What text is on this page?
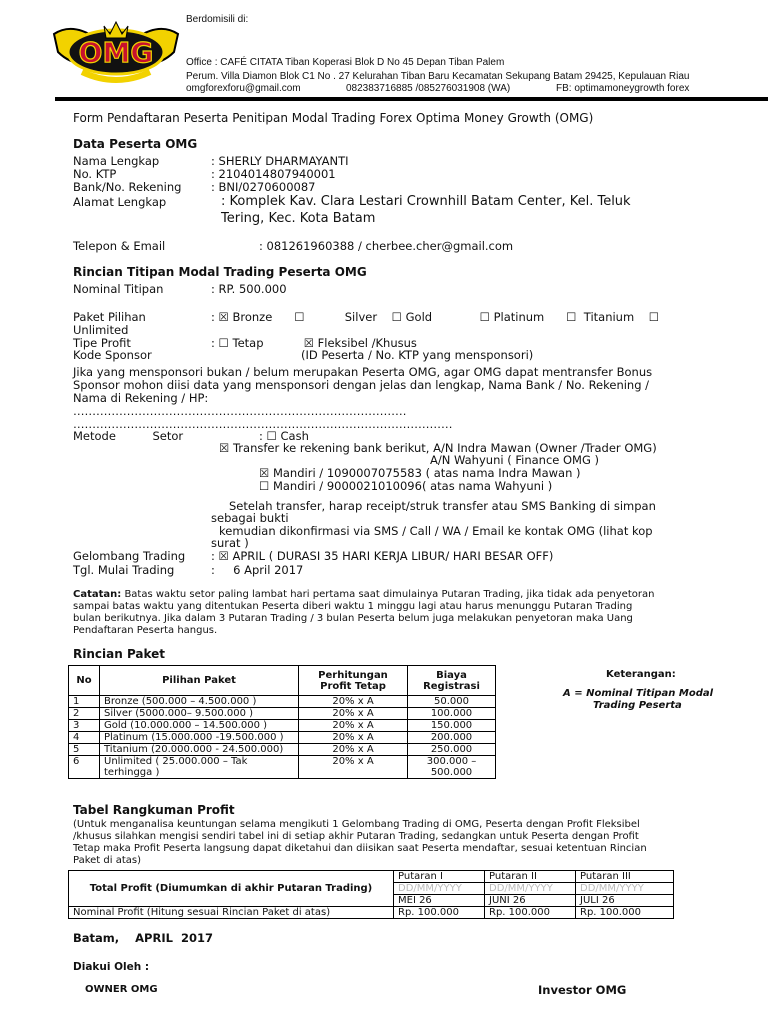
OMG
Berdomisili di:
Office : CAFÉ CITATA Tiban Koperasi Blok D No 45 Depan Tiban Palem
Perum. Villa Diamon Blok C1 No . 27 Kelurahan Tiban Baru Kecamatan Sekupang Batam 29425, Kepulauan Riau
omgforexforu@gmail.com	082383716885 /085276031908 (WA)	FB: optimamoneygrowth forex
Form Pendaftaran Peserta Penitipan Modal Trading Forex Optima Money Growth (OMG)
Data Peserta OMG
Nama Lengkap	: SHERLY DHARMAYANTI
No. KTP	: 2104014807940001
Bank/No. Rekening	: BNI/0270600087
Alamat Lengkap	: Komplek Kav. Clara Lestari Crownhill Batam Center, Kel. Teluk
Tering, Kec. Kota Batam
Telepon & Email	: 081261960388 / cherbee.cher@gmail.com
Rincian Titipan Modal Trading Peserta OMG
Nominal Titipan	: RP. 500.000
Paket Pilihan	: ☒ Bronze      ☐           Silver    ☐ Gold             ☐ Platinum      ☐  Titanium    ☐
Unlimited
Tipe Profit	: ☐ Tetap           ☒ Fleksibel /Khusus
Kode Sponsor	(ID Peserta / No. KTP yang mensponsori)
Jika yang mensponsori bukan / belum merupakan Peserta OMG, agar OMG dapat mentransfer Bonus
Sponsor mohon diisi data yang mensponsori dengan jelas dan lengkap, Nama Bank / No. Rekening /
Nama di Rekening / HP:
……………………………………………………………………………
………………………………………………………………………………………
Metode          Setor	: ☐ Cash
☒ Transfer ke rekening bank berikut, A/N Indra Mawan (Owner /Trader OMG)
A/N Wahyuni ( Finance OMG )
☒ Mandiri / 1090007075583 ( atas nama Indra Mawan )
☐ Mandiri / 9000021010096( atas nama Wahyuni )
Setelah transfer, harap receipt/struk transfer atau SMS Banking di simpan
sebagai bukti
kemudian dikonfirmasi via SMS / Call / WA / Email ke kontak OMG (lihat kop
surat )
Gelombang Trading : ☒ APRIL ( DURASI 35 HARI KERJA LIBUR/ HARI BESAR OFF)
Tgl. Mulai Trading	:     6 April 2017
Catatan: Batas waktu setor paling lambat hari pertama saat dimulainya Putaran Trading, jika tidak ada penyetoran
sampai batas waktu yang ditentukan Peserta diberi waktu 1 minggu lagi atau harus menunggu Putaran Trading
bulan berikutnya. Jika dalam 3 Putaran Trading / 3 bulan Peserta belum juga melakukan penyetoran maka Uang
Pendaftaran Peserta hangus.
Rincian Paket
No	Pilihan Paket	Perhitungan Profit Tetap	Biaya Registrasi
1	Bronze (500.000 – 4.500.000 )	20% x A	50.000
2	Silver (5000.000– 9.500.000 )	20% x A	100.000
3	Gold (10.000.000 – 14.500.000 )	20% x A	150.000
4	Platinum (15.000.000 -19.500.000 )	20% x A	200.000
5	Titanium (20.000.000 - 24.500.000)	20% x A	250.000
6	Unlimited ( 25.000.000 – Tak terhingga )	20% x A	300.000 – 500.000
Keterangan:
A = Nominal Titipan Modal
Trading Peserta
Tabel Rangkuman Profit
(Untuk menganalisa keuntungan selama mengikuti 1 Gelombang Trading di OMG, Peserta dengan Profit Fleksibel
/khusus silahkan mengisi sendiri tabel ini di setiap akhir Putaran Trading, sedangkan untuk Peserta dengan Profit
Tetap maka Profit Peserta langsung dapat diketahui dan diisikan saat Peserta mendaftar, sesuai ketentuan Rincian
Paket di atas)
Total Profit (Diumumkan di akhir Putaran Trading)	Putaran I	Putaran II	Putaran III
	DD/MM/YYYY	DD/MM/YYYY	DD/MM/YYYY
	MEI 26	JUNI 26	JULI 26
Nominal Profit (Hitung sesuai Rincian Paket di atas)	Rp. 100.000	Rp. 100.000	Rp. 100.000
Batam,    APRIL  2017
Diakui Oleh :
OWNER OMG	Investor OMG
